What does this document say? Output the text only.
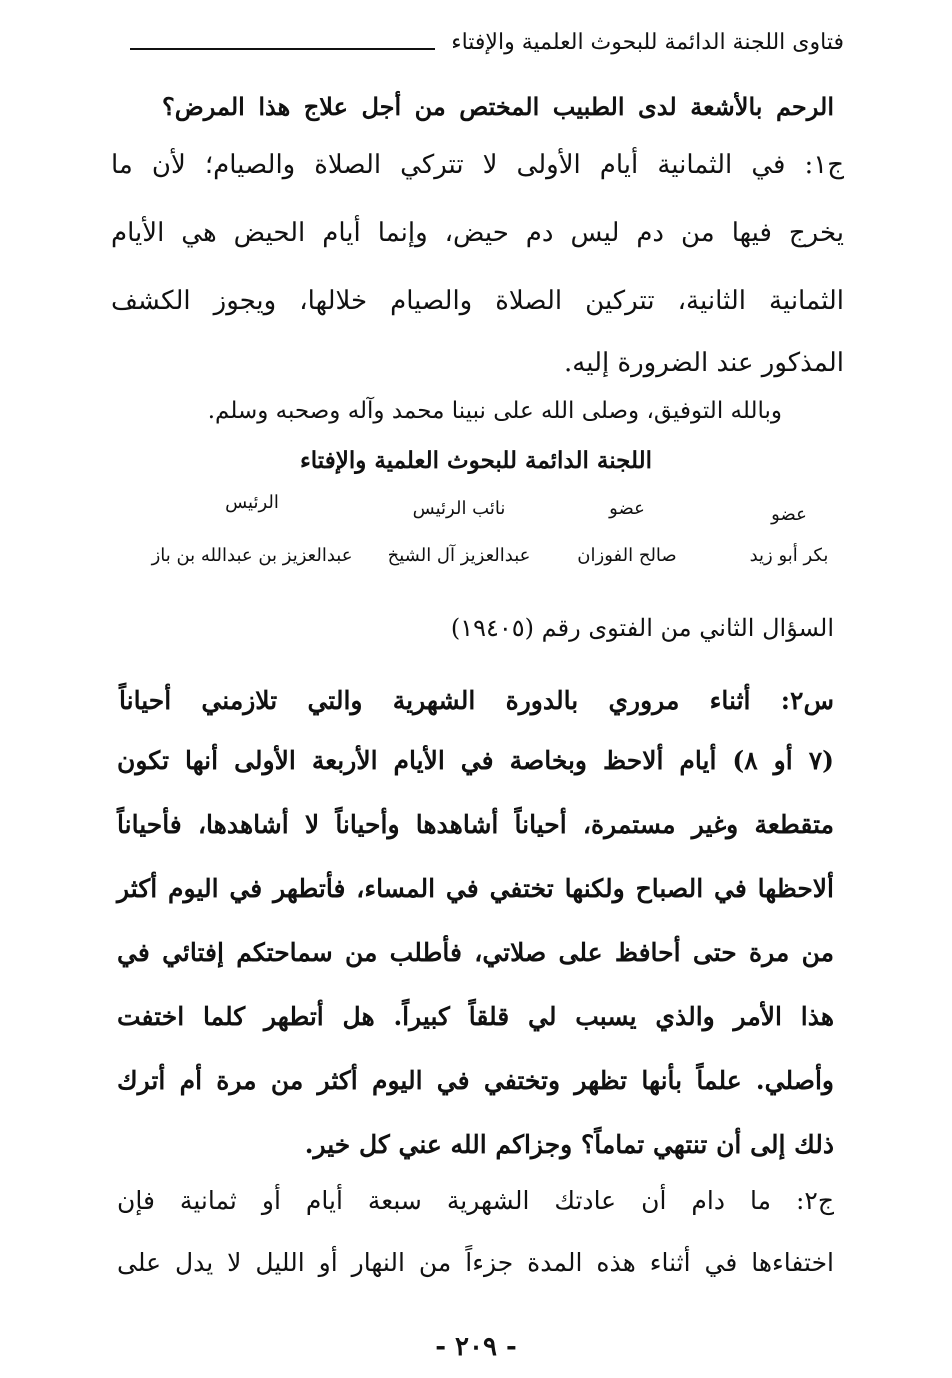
فتاوى اللجنة الدائمة للبحوث العلمية والإفتاء
الرحم بالأشعة لدى الطبيب المختص من أجل علاج هذا المرض؟
ج١: في الثمانية أيام الأولى لا تتركي الصلاة والصيام؛ لأن ما
يخرج فيها من دم ليس دم حيض، وإنما أيام الحيض هي الأيام
الثمانية الثانية، تتركين الصلاة والصيام خلالها، ويجوز الكشف
المذكور عند الضرورة إليه.
وبالله التوفيق، وصلى الله على نبينا محمد وآله وصحبه وسلم.
اللجنة الدائمة للبحوث العلمية والإفتاء
عضو
بكر أبو زيد
عضو
صالح الفوزان
نائب الرئيس
عبدالعزيز آل الشيخ
الرئيس
عبدالعزيز بن عبدالله بن باز
السؤال الثاني من الفتوى رقم (١٩٤٠٥)
س٢: أثناء مروري بالدورة الشهرية والتي تلازمني أحياناً
(٧ أو ٨) أيام ألاحظ وبخاصة في الأيام الأربعة الأولى أنها تكون
متقطعة وغير مستمرة، أحياناً أشاهدها وأحياناً لا أشاهدها، فأحياناً
ألاحظها في الصباح ولكنها تختفي في المساء، فأتطهر في اليوم أكثر
من مرة حتى أحافظ على صلاتي، فأطلب من سماحتكم إفتائي في
هذا الأمر والذي يسبب لي قلقاً كبيراً. هل أتطهر كلما اختفت
وأصلي. علماً بأنها تظهر وتختفي في اليوم أكثر من مرة أم أترك
ذلك إلى أن تنتهي تماماً؟ وجزاكم الله عني كل خير.
ج٢: ما دام أن عادتك الشهرية سبعة أيام أو ثمانية فإن
اختفاءها في أثناء هذه المدة جزءاً من النهار أو الليل لا يدل على
- ٢٠٩ -
